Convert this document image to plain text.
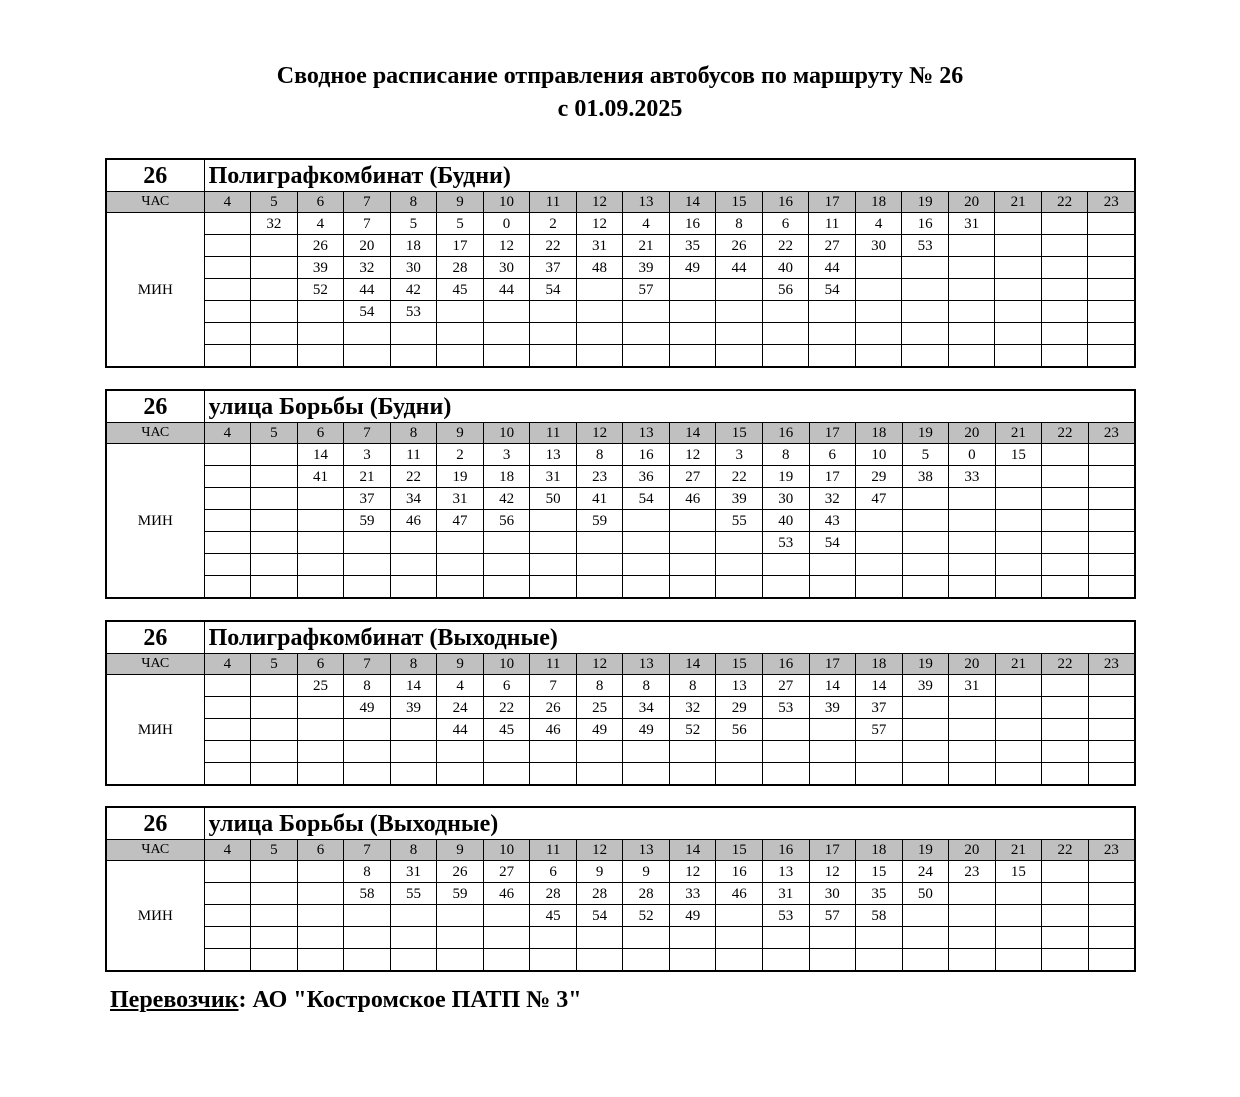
Сводное расписание отправления автобусов по маршруту № 26
с 01.09.2025
26	Полиграфкомбинат (Будни)																			
ЧАС	4	5	6	7	8	9	10	11	12	13	14	15	16	17	18	19	20	21	22	23
МИН		32	4	7	5	5	0	2	12	4	16	8	6	11	4	16	31			
			26	20	18	17	12	22	31	21	35	26	22	27	30	53				
			39	32	30	28	30	37	48	39	49	44	40	44						
			52	44	42	45	44	54		57			56	54						
				54	53															

26	улица Борьбы (Будни)																			
ЧАС	4	5	6	7	8	9	10	11	12	13	14	15	16	17	18	19	20	21	22	23
МИН			14	3	11	2	3	13	8	16	12	3	8	6	10	5	0	15		
			41	21	22	19	18	31	23	36	27	22	19	17	29	38	33			
				37	34	31	42	50	41	54	46	39	30	32	47					
				59	46	47	56		59			55	40	43						
													53	54						

26	Полиграфкомбинат (Выходные)																			
ЧАС	4	5	6	7	8	9	10	11	12	13	14	15	16	17	18	19	20	21	22	23
МИН			25	8	14	4	6	7	8	8	8	13	27	14	14	39	31			
				49	39	24	22	26	25	34	32	29	53	39	37					
						44	45	46	49	49	52	56			57					

26	улица Борьбы (Выходные)																			
ЧАС	4	5	6	7	8	9	10	11	12	13	14	15	16	17	18	19	20	21	22	23
МИН				8	31	26	27	6	9	9	12	16	13	12	15	24	23	15		
				58	55	59	46	28	28	28	33	46	31	30	35	50				
								45	54	52	49		53	57	58					

Перевозчик: АО "Костромское ПАТП № 3"
